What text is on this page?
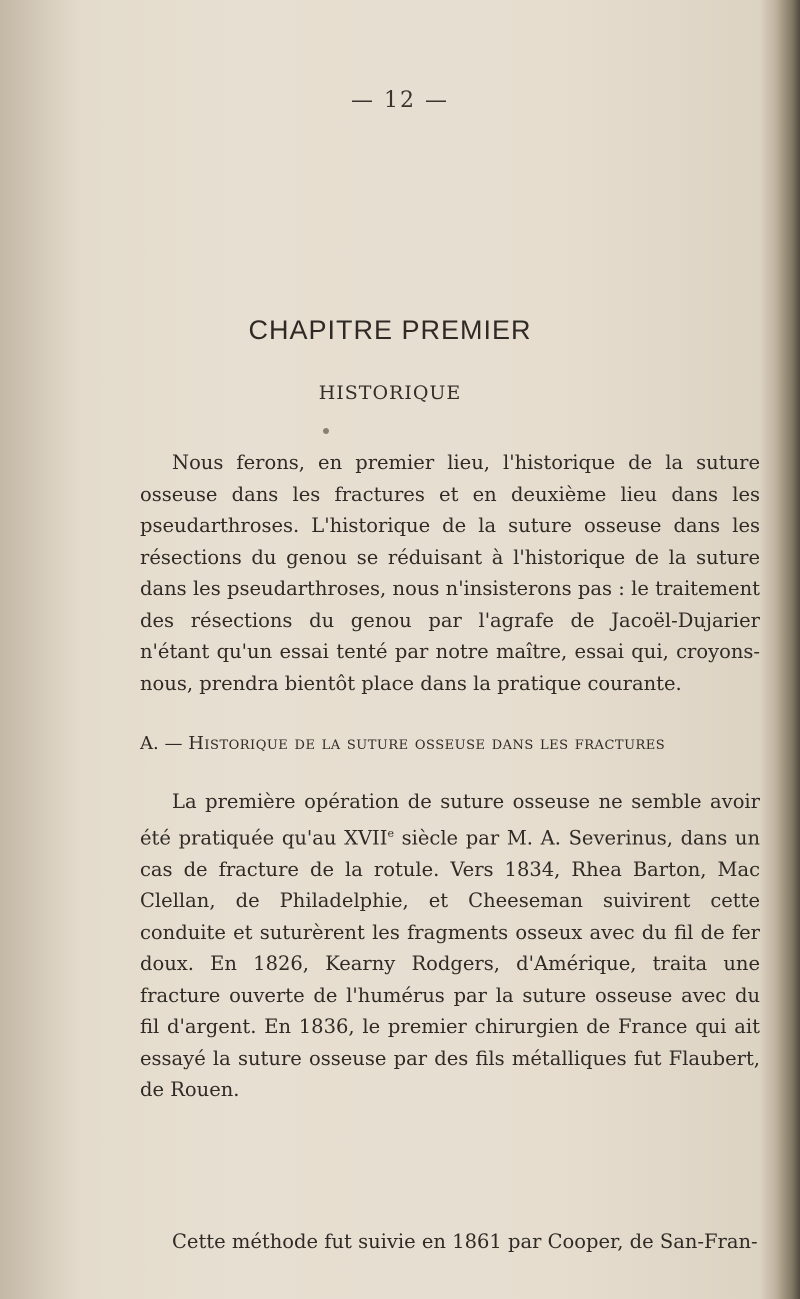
— 12 —
CHAPITRE PREMIER
HISTORIQUE

Nous ferons, en premier lieu, l'historique de la suture osseuse dans les fractures et en deuxième lieu dans les pseudarthroses. L'historique de la suture osseuse dans les résections du genou se réduisant à l'historique de la suture dans les pseudarthroses, nous n'insisterons pas : le traitement des résections du genou par l'agrafe de Jacoël-Dujarier n'étant qu'un essai tenté par notre maître, essai qui, croyons-nous, prendra bientôt place dans la pratique courante.

A. — Historique de la suture osseuse dans les fractures

La première opération de suture osseuse ne semble avoir été pratiquée qu'au XVIIe siècle par M. A. Severinus, dans un cas de fracture de la rotule. Vers 1834, Rhea Barton, Mac Clellan, de Philadelphie, et Cheeseman suivirent cette conduite et suturèrent les fragments osseux avec du fil de fer doux. En 1826, Kearny Rodgers, d'Amérique, traita une fracture ouverte de l'humérus par la suture osseuse avec du fil d'argent. En 1836, le premier chirurgien de France qui ait essayé la suture osseuse par des fils métalliques fut Flaubert, de Rouen.

Cette méthode fut suivie en 1861 par Cooper, de San-Fran-
